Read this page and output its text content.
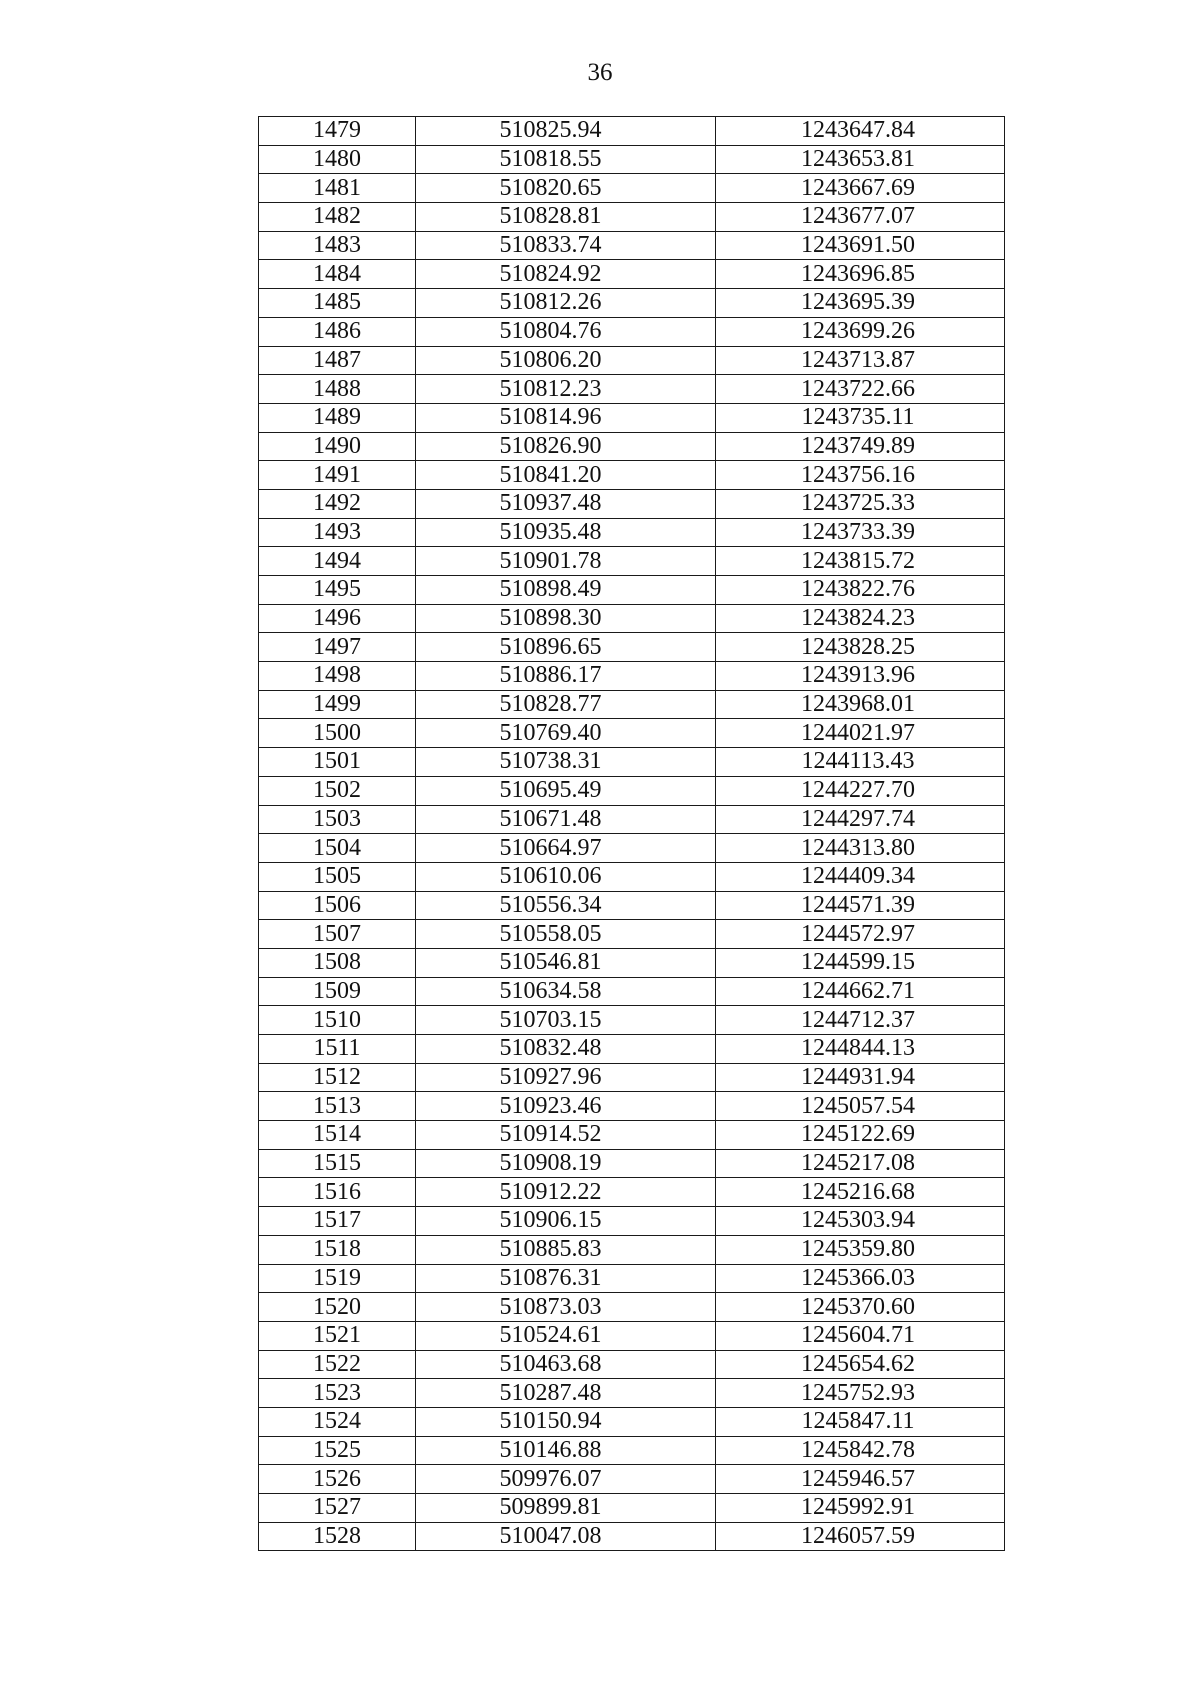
36
1479	510825.94	1243647.84
1480	510818.55	1243653.81
1481	510820.65	1243667.69
1482	510828.81	1243677.07
1483	510833.74	1243691.50
1484	510824.92	1243696.85
1485	510812.26	1243695.39
1486	510804.76	1243699.26
1487	510806.20	1243713.87
1488	510812.23	1243722.66
1489	510814.96	1243735.11
1490	510826.90	1243749.89
1491	510841.20	1243756.16
1492	510937.48	1243725.33
1493	510935.48	1243733.39
1494	510901.78	1243815.72
1495	510898.49	1243822.76
1496	510898.30	1243824.23
1497	510896.65	1243828.25
1498	510886.17	1243913.96
1499	510828.77	1243968.01
1500	510769.40	1244021.97
1501	510738.31	1244113.43
1502	510695.49	1244227.70
1503	510671.48	1244297.74
1504	510664.97	1244313.80
1505	510610.06	1244409.34
1506	510556.34	1244571.39
1507	510558.05	1244572.97
1508	510546.81	1244599.15
1509	510634.58	1244662.71
1510	510703.15	1244712.37
1511	510832.48	1244844.13
1512	510927.96	1244931.94
1513	510923.46	1245057.54
1514	510914.52	1245122.69
1515	510908.19	1245217.08
1516	510912.22	1245216.68
1517	510906.15	1245303.94
1518	510885.83	1245359.80
1519	510876.31	1245366.03
1520	510873.03	1245370.60
1521	510524.61	1245604.71
1522	510463.68	1245654.62
1523	510287.48	1245752.93
1524	510150.94	1245847.11
1525	510146.88	1245842.78
1526	509976.07	1245946.57
1527	509899.81	1245992.91
1528	510047.08	1246057.59
